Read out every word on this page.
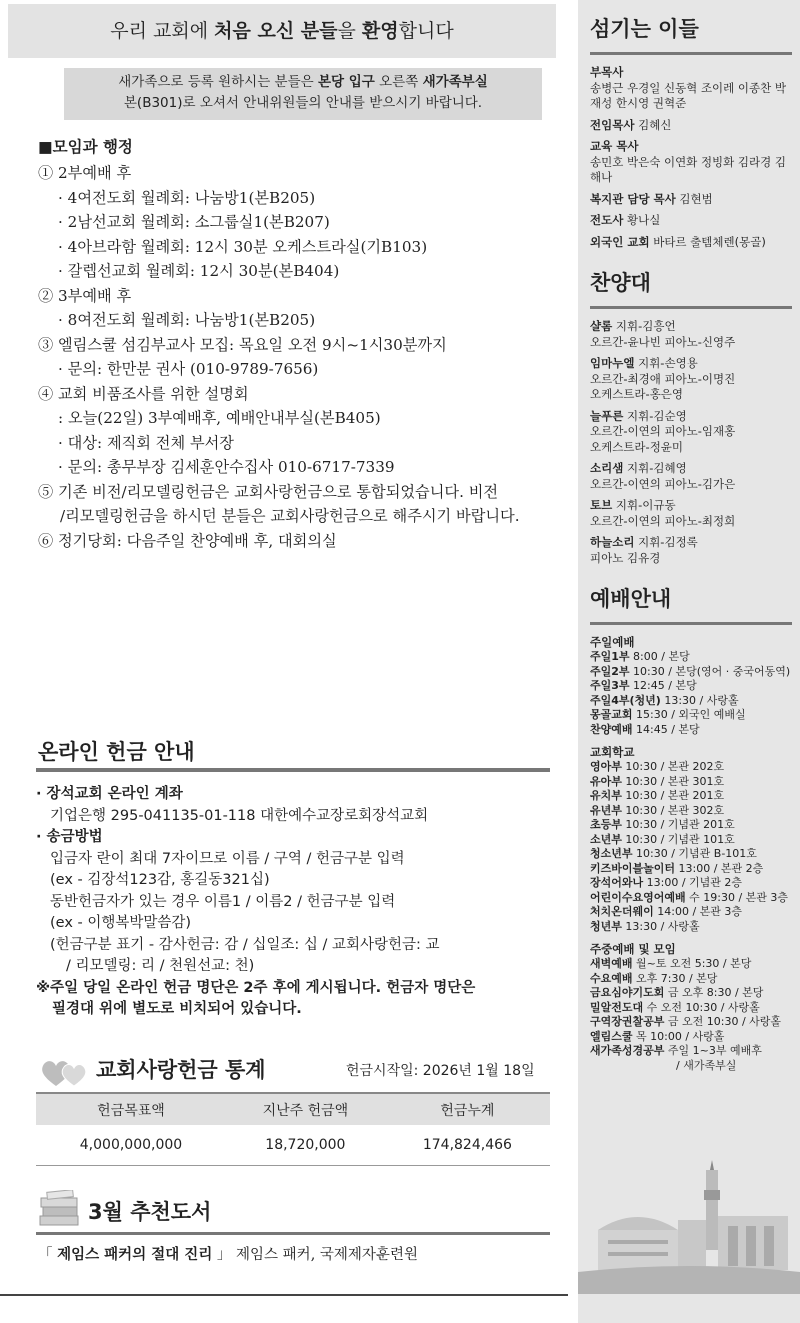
우리 교회에 처음 오신 분들을 환영합니다
새가족으로 등록 원하시는 분들은 본당 입구 오른쪽 새가족부실
본(B301)로 오셔서 안내위원들의 안내를 받으시기 바랍니다.
■모임과 행정
① 2부예배 후
· 4여전도회 월례회: 나눔방1(본B205)
· 2남선교회 월례회: 소그룹실1(본B207)
· 4아브라함 월례회: 12시 30분 오케스트라실(기B103)
· 갈렙선교회 월례회: 12시 30분(본B404)
② 3부예배 후
· 8여전도회 월례회: 나눔방1(본B205)
③ 엘림스쿨 섬김부교사 모집: 목요일 오전 9시~1시30분까지
· 문의: 한만분 권사 (010-9789-7656)
④ 교회 비품조사를 위한 설명회
: 오늘(22일) 3부예배후, 예배안내부실(본B405)
· 대상: 제직회 전체 부서장
· 문의: 총무부장 김세훈안수집사 010-6717-7339
⑤ 기존 비전/리모델링헌금은 교회사랑헌금으로 통합되었습니다. 비전
/리모델링헌금을 하시던 분들은 교회사랑헌금으로 해주시기 바랍니다.
⑥ 정기당회: 다음주일 찬양예배 후, 대회의실
온라인 헌금 안내
· 장석교회 온라인 계좌
기업은행 295-041135-01-118 대한예수교장로회장석교회
· 송금방법
입금자 란이 최대 7자이므로 이름 / 구역 / 헌금구분 입력
(ex - 김장석123감, 홍길동321십)
동반헌금자가 있는 경우 이름1 / 이름2 / 헌금구분 입력
(ex - 이행복박말씀감)
(헌금구분 표기 - 감사헌금: 감 / 십일조: 십 / 교회사랑헌금: 교
/ 리모델링: 리 / 천원선교: 천)
※주일 당일 온라인 헌금 명단은 2주 후에 게시됩니다. 헌금자 명단은
필경대 위에 별도로 비치되어 있습니다.
교회사랑헌금 통계	헌금시작일: 2026년 1월 18일
헌금목표액	지난주 헌금액	헌금누계
4,000,000,000	18,720,000	174,824,466
3월 추천도서
「 제임스 패커의 절대 진리 」 제임스 패커, 국제제자훈련원
섬기는 이들
부목사
송병근 우경일 신동혁 조이레 이종찬 박재성 한시영 권혁준
전임목사 김혜신
교육 목사
송민호 박은숙 이연화 정빙화 김라경 김해나
복지관 담당 목사 김현범
전도사 황나실
외국인 교회 바타르 출템체렌(몽골)
찬양대
샬롬 지휘-김흥언
오르간-윤나빈 피아노-신영주
임마누엘 지휘-손영용
오르간-최경애 피아노-이명진
오케스트라-홍은영
늘푸른 지휘-김순영
오르간-이연의 피아노-임재홍
오케스트라-정윤미
소리샘 지휘-김혜영
오르간-이연의 피아노-김가은
토브 지휘-이규동
오르간-이연의 피아노-최정희
하늘소리 지휘-김정록
피아노 김유경
예배안내
주일예배
주일1부 8:00 / 본당
주일2부 10:30 / 본당(영어 · 중국어동역)
주일3부 12:45 / 본당
주일4부(청년) 13:30 / 사랑홀
몽골교회 15:30 / 외국인 예배실
찬양예배 14:45 / 본당
교회학교
영아부 10:30 / 본관 202호
유아부 10:30 / 본관 301호
유치부 10:30 / 본관 201호
유년부 10:30 / 본관 302호
초등부 10:30 / 기념관 201호
소년부 10:30 / 기념관 101호
청소년부 10:30 / 기념관 B-101호
키즈바이블놀이터 13:00 / 본관 2층
장석어와나 13:00 / 기념관 2층
어린이수요영어예배 수 19:30 / 본관 3층
처치온더웨이 14:00 / 본관 3층
청년부 13:30 / 사랑홀
주중예배 및 모임
새벽예배 월~토 오전 5:30 / 본당
수요예배 오후 7:30 / 본당
금요심야기도회 금 오후 8:30 / 본당
밀알전도대 수 오전 10:30 / 사랑홀
구역장권찰공부 금 오전 10:30 / 사랑홀
엘림스쿨 목 10:00 / 사랑홀
새가족성경공부 주일 1~3부 예배후
/ 새가족부실
